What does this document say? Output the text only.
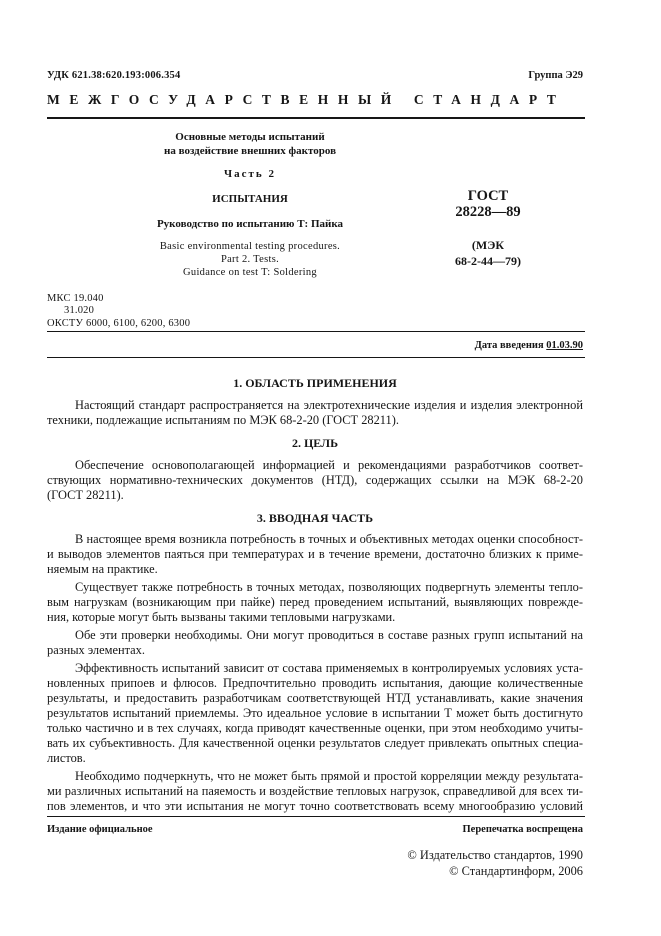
УДК 621.38:620.193:006.354	Группа Э29
МЕЖГОСУДАРСТВЕННЫЙ СТАНДАРТ
Основные методы испытаний
на воздействие внешних факторов
Часть 2
ИСПЫТАНИЯ
Руководство по испытанию Т: Пайка
Basic environmental testing procedures.
Part 2. Tests.
Guidance on test T: Soldering
ГОСТ
28228—89
(МЭК
68-2-44—79)
МКС 19.040
31.020
ОКСТУ 6000, 6100, 6200, 6300
Дата введения 01.03.90
1. ОБЛАСТЬ ПРИМЕНЕНИЯ
Настоящий стандарт распространяется на электротехнические изделия и изделия электронной
техники, подлежащие испытаниям по МЭК 68-2-20 (ГОСТ 28211).
2. ЦЕЛЬ
Обеспечение основополагающей информацией и рекомендациями разработчиков соответ-
ствующих нормативно-технических документов (НТД), содержащих ссылки на МЭК 68-2-20
(ГОСТ 28211).
3. ВВОДНАЯ ЧАСТЬ
В настоящее время возникла потребность в точных и объективных методах оценки способност-
и выводов элементов паяться при температурах и в течение времени, достаточно близких к приме-
няемым на практике.
Существует также потребность в точных методах, позволяющих подвергнуть элементы тепло-
вым нагрузкам (возникающим при пайке) перед проведением испытаний, выявляющих поврежде-
ния, которые могут быть вызваны такими тепловыми нагрузками.
Обе эти проверки необходимы. Они могут проводиться в составе разных групп испытаний на
разных элементах.
Эффективность испытаний зависит от состава применяемых в контролируемых условиях уста-
новленных припоев и флюсов. Предпочтительно проводить испытания, дающие количественные
результаты, и предоставить разработчикам соответствующей НТД устанавливать, какие значения
результатов испытаний приемлемы. Это идеальное условие в испытании Т может быть достигнуто
только частично и в тех случаях, когда приводят качественные оценки, при этом необходимо учиты-
вать их субъективность. Для качественной оценки результатов следует привлекать опытных специа-
листов.
Необходимо подчеркнуть, что не может быть прямой и простой корреляции между результата-
ми различных испытаний на паяемость и воздействие тепловых нагрузок, справедливой для всех ти-
пов элементов, и что эти испытания не могут точно соответствовать всему многообразию условий
Издание официальное	Перепечатка воспрещена
© Издательство стандартов, 1990
© Стандартинформ, 2006
